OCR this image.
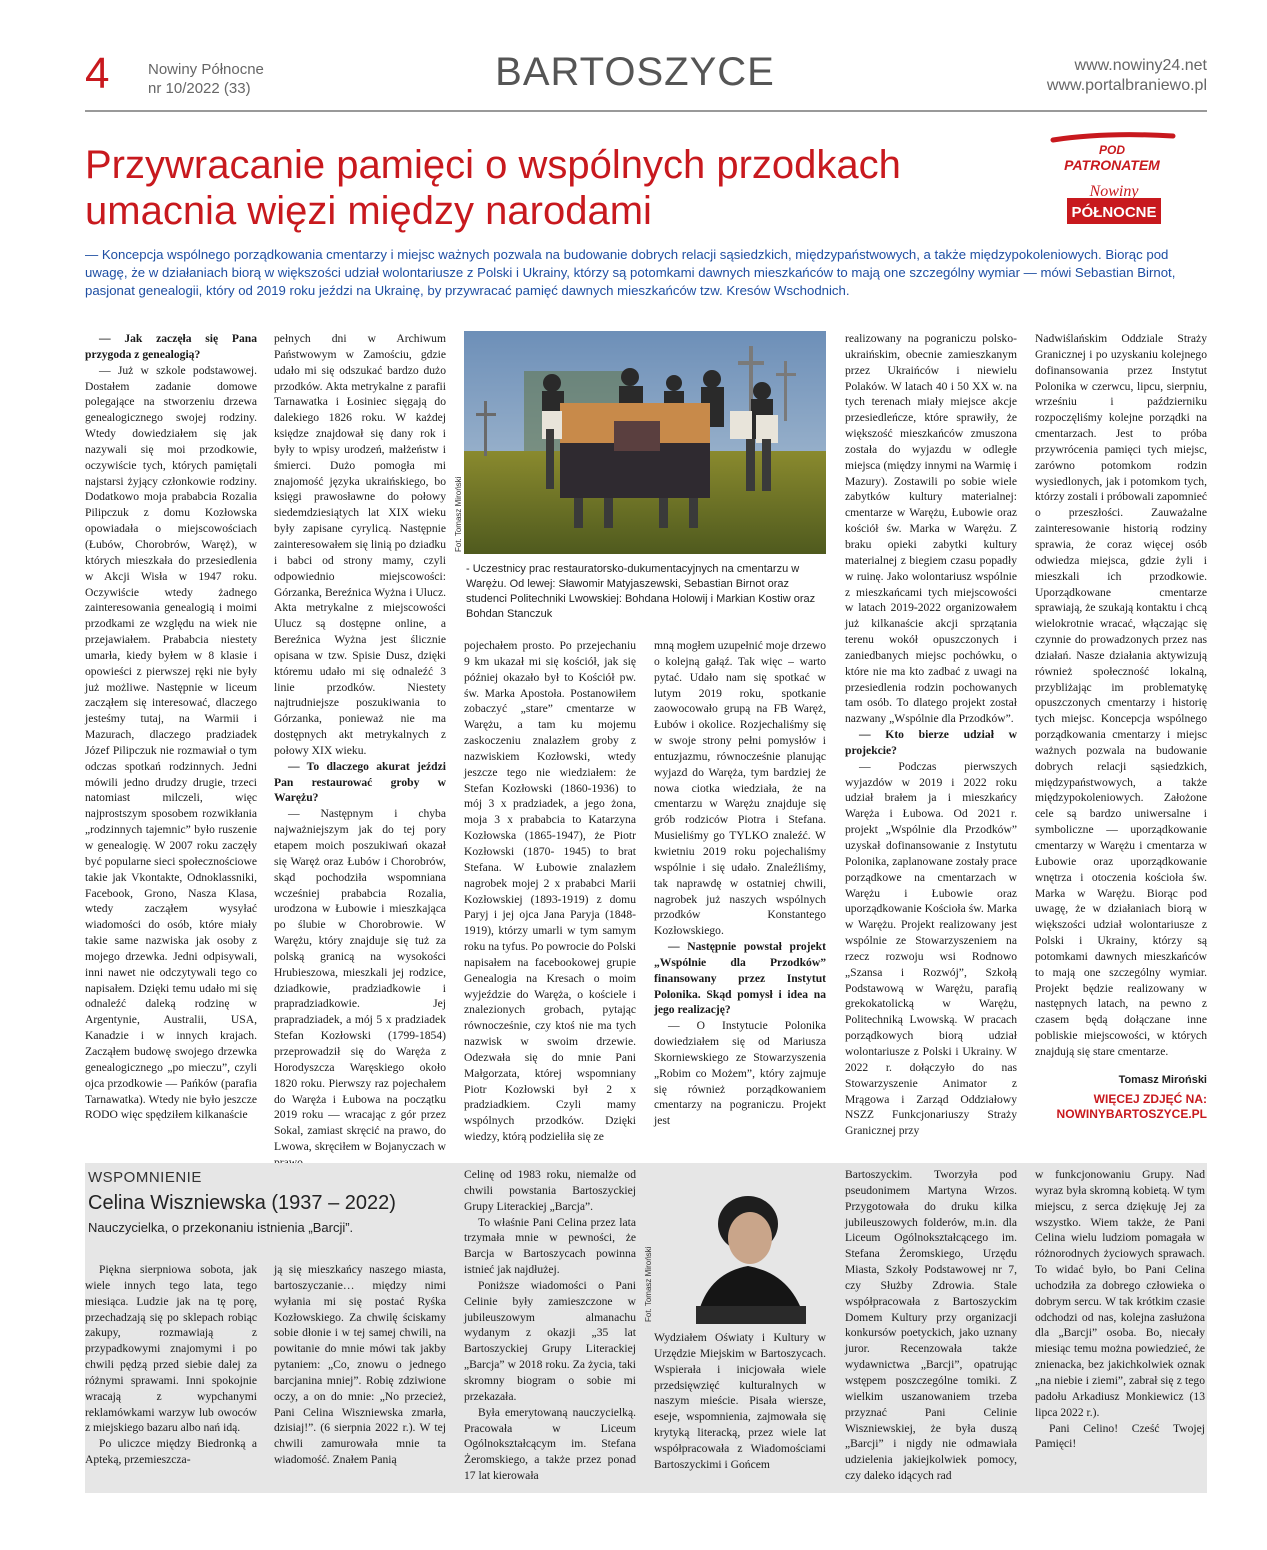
4	Nowiny Północne
nr 10/2022 (33)	BARTOSZYCE	www.nowiny24.net
www.portalbraniewo.pl
Przywracanie pamięci o wspólnych przodkach
umacnia więzi między narodami
POD
PATRONATEM
Nowiny
PÓŁNOCNE
— Koncepcja wspólnego porządkowania cmentarzy i miejsc ważnych pozwala na budowanie dobrych relacji sąsiedzkich, międzypaństwowych, a także międzypokoleniowych. Biorąc pod uwagę, że w działaniach biorą w większości udział wolontariusze z Polski i Ukrainy, którzy są potomkami dawnych mieszkańców to mają one szczególny wymiar — mówi Sebastian Birnot, pasjonat genealogii, który od 2019 roku jeździ na Ukrainę, by przywracać pamięć dawnych mieszkańców tzw. Kresów Wschodnich.

— Jak zaczęła się Pana przygoda z genealogią?

— Już w szkole podstawowej. Dostałem zadanie domowe polegające na stworzeniu drzewa genealogicznego swojej rodziny. Wtedy dowiedziałem się jak nazywali się moi przodkowie, oczywiście tych, których pamiętali najstarsi żyjący członkowie rodziny. Dodatkowo moja prababcia Rozalia Pilipczuk z domu Kozłowska opowiadała o miejscowościach (Łubów, Chorobrów, Waręż), w których mieszkała do przesiedlenia w Akcji Wisła w 1947 roku. Oczywiście wtedy żadnego zainteresowania genealogią i moimi przodkami ze względu na wiek nie przejawiałem. Prababcia niestety umarła, kiedy byłem w 8 klasie i opowieści z pierwszej ręki nie były już możliwe. Następnie w liceum zacząłem się interesować, dlaczego jesteśmy tutaj, na Warmii i Mazurach, dlaczego pradziadek Józef Pilipczuk nie rozmawiał o tym odczas spotkań rodzinnych. Jedni mówili jedno drudzy drugie, trzeci natomiast milczeli, więc najprostszym sposobem rozwikłania „rodzinnych tajemnic” było ruszenie w genealogię. W 2007 roku zaczęły być popularne sieci społecznościowe takie jak Vkontakte, Odnoklassniki, Facebook, Grono, Nasza Klasa, wtedy zacząłem wysyłać wiadomości do osób, które miały takie same nazwiska jak osoby z mojego drzewka. Jedni odpisywali, inni nawet nie odczytywali tego co napisałem. Dzięki temu udało mi się odnaleźć daleką rodzinę w Argentynie, Australii, USA, Kanadzie i w innych krajach. Zacząłem budowę swojego drzewka genealogicznego „po mieczu”, czyli ojca przodkowie — Pańków (parafia Tarnawatka). Wtedy nie było jeszcze RODO więc spędziłem kilkanaście

pełnych dni w Archiwum Państwowym w Zamościu, gdzie udało mi się odszukać bardzo dużo przodków. Akta metrykalne z parafii Tarnawatka i Łosiniec sięgają do dalekiego 1826 roku. W każdej księdze znajdował się dany rok i były to wpisy urodzeń, małżeństw i śmierci. Dużo pomogła mi znajomość języka ukraińskiego, bo księgi prawosławne do połowy siedemdziesiątych lat XIX wieku były zapisane cyrylicą. Następnie zainteresowałem się linią po dziadku i babci od strony mamy, czyli odpowiednio miejscowości: Górzanka, Bereźnica Wyżna i Ulucz. Akta metrykalne z miejscowości Ulucz są dostępne online, a Bereźnica Wyżna jest ślicznie opisana w tzw. Spisie Dusz, dzięki któremu udało mi się odnaleźć 3 linie przodków. Niestety najtrudniejsze poszukiwania to Górzanka, ponieważ nie ma dostępnych akt metrykalnych z połowy XIX wieku.

— To dlaczego akurat jeździ Pan restaurować groby w Warężu?

— Następnym i chyba najważniejszym jak do tej pory etapem moich poszukiwań okazał się Waręż oraz Łubów i Chorobrów, skąd pochodziła wspomniana wcześniej prababcia Rozalia, urodzona w Łubowie i mieszkająca po ślubie w Chorobrowie. W Warężu, który znajduje się tuż za polską granicą na wysokości Hrubieszowa, mieszkali jej rodzice, dziadkowie, pradziadkowie i prapradziadkowie. Jej prapradziadek, a mój 5 x pradziadek Stefan Kozłowski (1799-1854) przeprowadził się do Waręża z Horodyszcza Waręskiego około 1820 roku. Pierwszy raz pojechałem do Waręża i Łubowa na początku 2019 roku — wracając z gór przez Sokal, zamiast skręcić na prawo, do Lwowa, skręciłem w Bojanyczach w

Fot. Tomasz Miroński
- Uczestnicy prac restauratorsko-dukumentacyjnych na cmentarzu w Warężu. Od lewej: Sławomir Matyjaszewski, Sebastian Birnot oraz studenci Politechniki Lwowskiej: Bohdana Holowij i Markian Kostiw oraz Bohdan Stanczuk

pojechałem prosto. Po przejechaniu 9 km ukazał mi się kościół, jak się później okazało był to Kościół pw. św. Marka Apostoła. Postanowiłem zobaczyć „stare” cmentarze w Warężu, a tam ku mojemu zaskoczeniu znalazłem groby z nazwiskiem Kozłowski, wtedy jeszcze tego nie wiedziałem: że Stefan Kozłowski (1860-1936) to mój 3 x pradziadek, a jego żona, moja 3 x prababcia to Katarzyna Kozłowska (1865-1947), że Piotr Kozłowski (1870- 1945) to brat Stefana. W Łubowie znalazłem nagrobek mojej 2 x prababci Marii Kozłowskiej (1893-1919) z domu Paryj i jej ojca Jana Paryja (1848-1919), którzy umarli w tym samym roku na tyfus. Po powrocie do Polski napisałem na facebookowej grupie Genealogia na Kresach o moim wyjeździe do Waręża, o kościele i znalezionych grobach, pytając równocześnie, czy ktoś nie ma tych nazwisk w swoim drzewie. Odezwała się do mnie Pani Małgorzata, której wspomniany Piotr Kozłowski był 2 x pradziadkiem. Czyli mamy wspólnych przodków. Dzięki wiedzy, którą podzieliła się ze

mną mogłem uzupełnić moje drzewo o kolejną gałąź. Tak więc – warto pytać. Udało nam się spotkać w lutym 2019 roku, spotkanie zaowocowało grupą na FB Waręż, Łubów i okolice. Rozjechaliśmy się w swoje strony pełni pomysłów i entuzjazmu, równocześnie planując wyjazd do Waręża, tym bardziej że nowa ciotka wiedziała, że na cmentarzu w Warężu znajduje się grób rodziców Piotra i Stefana. Musieliśmy go TYLKO znaleźć. W kwietniu 2019 roku pojechaliśmy wspólnie i się udało. Znaleźliśmy, tak naprawdę w ostatniej chwili, nagrobek już naszych wspólnych przodków Konstantego Kozłowskiego.

— Następnie powstał projekt „Wspólnie dla Przodków” finansowany przez Instytut Polonika. Skąd pomysł i idea na jego realizację?

— O Instytucie Polonika dowiedziałem się od Mariusza Skorniewskiego ze Stowarzyszenia „Robim co Możem”, który zajmuje się również porządkowaniem cmentarzy na pograniczu. Projekt jest

realizowany na pograniczu polsko-ukraińskim, obecnie zamieszkanym przez Ukraińców i niewielu Polaków. W latach 40 i 50 XX w. na tych terenach miały miejsce akcje przesiedleńcze, które sprawiły, że większość mieszkańców zmuszona została do wyjazdu w odległe miejsca (między innymi na Warmię i Mazury). Zostawili po sobie wiele zabytków kultury materialnej: cmentarze w Warężu, Łubowie oraz kościół św. Marka w Warężu. Z braku opieki zabytki kultury materialnej z biegiem czasu popadły w ruinę. Jako wolontariusz wspólnie z mieszkańcami tych miejscowości w latach 2019-2022 organizowałem już kilkanaście akcji sprzątania terenu wokół opuszczonych i zaniedbanych miejsc pochówku, o które nie ma kto zadbać z uwagi na przesiedlenia rodzin pochowanych tam osób. To dlatego projekt został nazwany „Wspólnie dla Przodków”.

— Kto bierze udział w projekcie?

— Podczas pierwszych wyjazdów w 2019 i 2022 roku udział brałem ja i mieszkańcy Waręża i Łubowa. Od 2021 r. projekt „Wspólnie dla Przodków” uzyskał dofinansowanie z Instytutu Polonika, zaplanowane zostały prace porządkowe na cmentarzach w Warężu i Łubowie oraz uporządkowanie Kościoła św. Marka w Warężu. Projekt realizowany jest wspólnie ze Stowarzyszeniem na rzecz rozwoju wsi Rodnowo „Szansa i Rozwój”, Szkołą Podstawową w Warężu, parafią grekokatolicką w Warężu, Politechniką Lwowską. W pracach porządkowych biorą udział wolontariusze z Polski i Ukrainy. W 2022 r. dołączyło do nas Stowarzyszenie Animator z Mrągowa i Zarząd Oddziałowy NSZZ Funkcjonariuszy Straży Granicznej przy

Nadwiślańskim Oddziale Straży Granicznej i po uzyskaniu kolejnego dofinansowania przez Instytut Polonika w czerwcu, lipcu, sierpniu, wrześniu i październiku rozpoczęliśmy kolejne porządki na cmentarzach. Jest to próba przywrócenia pamięci tych miejsc, zarówno potomkom rodzin wysiedlonych, jak i potomkom tych, którzy zostali i próbowali zapomnieć o przeszłości. Zauważalne zainteresowanie historią rodziny sprawia, że coraz więcej osób odwiedza miejsca, gdzie żyli i mieszkali ich przodkowie. Uporządkowane cmentarze sprawiają, że szukają kontaktu i chcą wielokrotnie wracać, włączając się czynnie do prowadzonych przez nas działań. Nasze działania aktywizują również społeczność lokalną, przybliżając im problematykę opuszczonych cmentarzy i historię tych miejsc. Koncepcja wspólnego porządkowania cmentarzy i miejsc ważnych pozwala na budowanie dobrych relacji sąsiedzkich, międzypaństwowych, a także międzypokoleniowych. Założone cele są bardzo uniwersalne i symboliczne — uporządkowanie cmentarzy w Warężu i cmentarza w Łubowie oraz uporządkowanie wnętrza i otoczenia kościoła św. Marka w Warężu. Biorąc pod uwagę, że w działaniach biorą w większości udział wolontariusze z Polski i Ukrainy, którzy są potomkami dawnych mieszkańców to mają one szczególny wymiar. Projekt będzie realizowany w następnych latach, na pewno z czasem będą dołączane inne pobliskie miejscowości, w których znajdują się stare cmentarze.

Tomasz Miroński
WIĘCEJ ZDJĘĆ NA:
NOWINYBARTOSZYCE.PL
WSPOMNIENIE
Celina Wiszniewska (1937 – 2022)
Nauczycielka, o przekonaniu istnienia „Barcji”.

Piękna sierpniowa sobota, jak wiele innych tego lata, tego miesiąca. Ludzie jak na tę porę, przechadzają się po sklepach robiąc zakupy, rozmawiają z przypadkowymi znajomymi i po chwili pędzą przed siebie dalej za różnymi sprawami. Inni spokojnie wracają z wypchanymi reklamówkami warzyw lub owoców z miejskiego bazaru albo nań idą.

Po uliczce między Biedronką a Apteką, przemieszcza-

ją się mieszkańcy naszego miasta, bartoszyczanie… między nimi wyłania mi się postać Ryśka Kozłowskiego. Za chwilę ściskamy sobie dłonie i w tej samej chwili, na powitanie do mnie mówi tak jakby pytaniem: „Co, znowu o jednego barcjanina mniej”. Robię zdziwione oczy, a on do mnie: „No przecież, Pani Celina Wiszniewska zmarła, dzisiaj!”. (6 sierpnia 2022 r.). W tej chwili zamurowała mnie ta wiadomość. Znałem Panią

Celinę od 1983 roku, niemalże od chwili powstania Bartoszyckiej Grupy Literackiej „Barcja”.

To właśnie Pani Celina przez lata trzymała mnie w pewności, że Barcja w Bartoszycach powinna istnieć jak najdłużej.

Poniższe wiadomości o Pani Celinie były zamieszczone w jubileuszowym almanachu wydanym z okazji „35 lat Bartoszyckiej Grupy Literackiej „Barcja” w 2018 roku. Za życia, taki skromny biogram o sobie mi przekazała.

Była emerytowaną nauczycielką. Pracowała w Liceum Ogólnokształcącym im. Stefana Żeromskiego, a także przez ponad 17 lat kierowała

Fot. Tomasz Miroński

Wydziałem Oświaty i Kultury w Urzędzie Miejskim w Bartoszycach. Wspierała i inicjowała wiele przedsięwzięć kulturalnych w naszym mieście. Pisała wiersze, eseje, wspomnienia, zajmowała się krytyką literacką, przez wiele lat współpracowała z Wiadomościami Bartoszyckimi i Gońcem

Bartoszyckim. Tworzyła pod pseudonimem Martyna Wrzos. Przygotowała do druku kilka jubileuszowych folderów, m.in. dla Liceum Ogólnokształcącego im. Stefana Żeromskiego, Urzędu Miasta, Szkoły Podstawowej nr 7, czy Służby Zdrowia. Stale współpracowała z Bartoszyckim Domem Kultury przy organizacji konkursów poetyckich, jako uznany juror. Recenzowała także wydawnictwa „Barcji”, opatrując wstępem poszczególne tomiki. Z wielkim uszanowaniem trzeba przyznać Pani Celinie Wiszniewskiej, że była duszą „Barcji” i nigdy nie odmawiała udzielenia jakiejkolwiek pomocy, czy daleko idących rad

w funkcjonowaniu Grupy. Nad wyraz była skromną kobietą. W tym miejscu, z serca dziękuję Jej za wszystko. Wiem także, że Pani Celina wielu ludziom pomagała w różnorodnych życiowych sprawach. To widać było, bo Pani Celina uchodziła za dobrego człowieka o dobrym sercu. W tak krótkim czasie odchodzi od nas, kolejna zasłużona dla „Barcji” osoba. Bo, niecały miesiąc temu można powiedzieć, że znienacka, bez jakichkolwiek oznak „na niebie i ziemi”, zabrał się z tego padołu Arkadiusz Monkiewicz (13 lipca 2022 r.).

Pani Celino! Cześć Twojej Pamięci!
